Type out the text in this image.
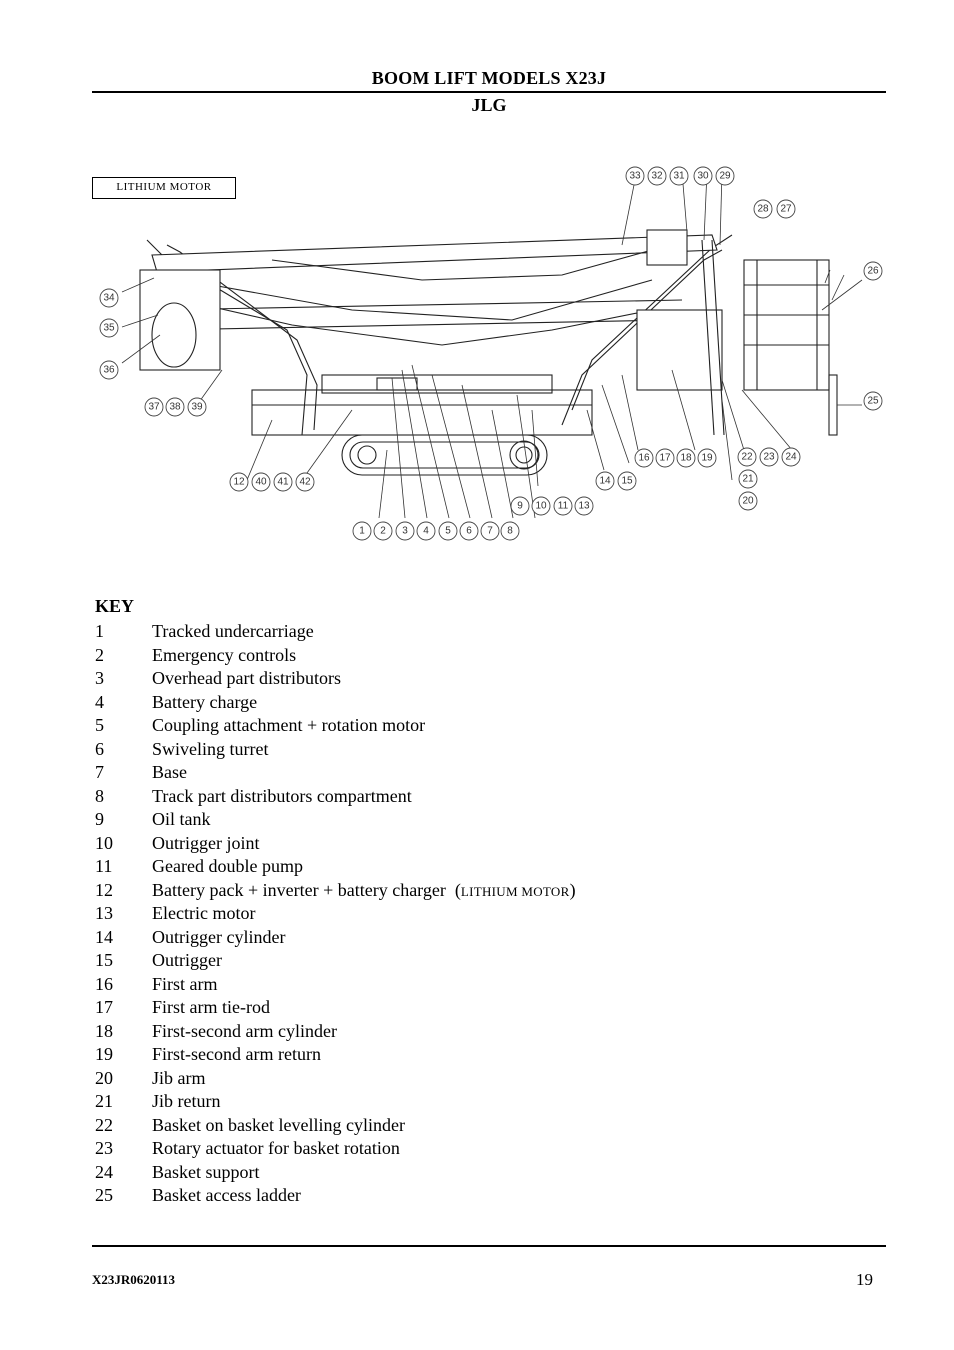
BOOM LIFT MODELS X23J
JLG
LITHIUM MOTOR
1 2 3 4 5 6 7 8
9 10 11
12
13
14 15
16 17 18 19
20
21
22 23 24
25
26
27
28
29
30
31
32
33
34
35
36
37 38 39
40 41 42
KEY
1	Tracked undercarriage
2	Emergency controls
3	Overhead part distributors
4	Battery charge
5	Coupling attachment + rotation motor
6	Swiveling turret
7	Base
8	Track part distributors compartment
9	Oil tank
10 Outrigger joint
11 Geared double pump
12 Battery pack + inverter + battery charger  (LITHIUM MOTOR)
13 Electric motor
14 Outrigger cylinder
15 Outrigger
16 First arm
17 First arm tie-rod
18 First-second arm cylinder
19 First-second arm return
20 Jib arm
21 Jib return
22 Basket on basket levelling cylinder
23 Rotary actuator for basket rotation
24 Basket support
25 Basket access ladder
X23JR0620113	19
